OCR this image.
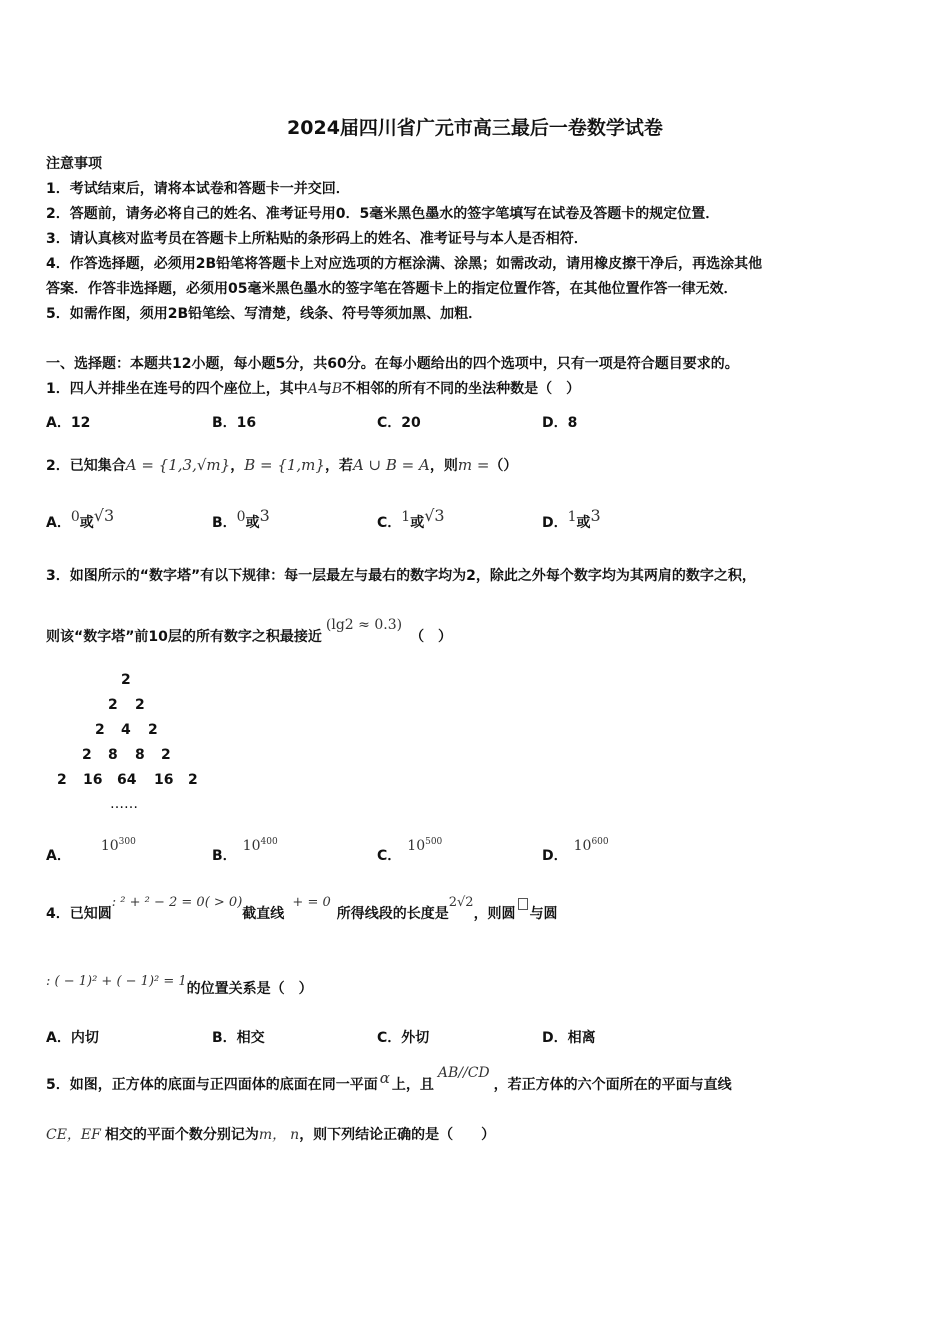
2024届四川省广元市高三最后一卷数学试卷
注意事项
1．考试结束后，请将本试卷和答题卡一并交回．
2．答题前，请务必将自己的姓名、准考证号用0．5毫米黑色墨水的签字笔填写在试卷及答题卡的规定位置．
3．请认真核对监考员在答题卡上所粘贴的条形码上的姓名、准考证号与本人是否相符．
4．作答选择题，必须用2B铅笔将答题卡上对应选项的方框涂满、涂黑；如需改动，请用橡皮擦干净后，再选涂其他
答案．作答非选择题，必须用05毫米黑色墨水的签字笔在答题卡上的指定位置作答，在其他位置作答一律无效．
5．如需作图，须用2B铅笔绘、写清楚，线条、符号等须加黑、加粗．
一、选择题：本题共12小题，每小题5分，共60分。在每小题给出的四个选项中，只有一项是符合题目要求的。
1．四人并排坐在连号的四个座位上，其中A与B不相邻的所有不同的坐法种数是（　）
A．12	B．16	C．20	D．8
2．已知集合A = {1,3,√m}，B = {1,m}，若A ∪ B = A，则m =（）
A．0或√3	B．0或3	C．1或√3	D．1或3
3．如图所示的“数字塔”有以下规律：每一层最左与最右的数字均为2，除此之外每个数字均为其两肩的数字之积，
则该“数字塔”前10层的所有数字之积最接近(lg2 ≈ 0.3)（　）
2
2 2
2 4 2
2 8 8 2
2 16 64 16 2
……
A．$10^{300}$
B．$10^{400}$
C．$10^{500}$
D．$10^{600}$
4．已知圆: ² + ² − 2 = 0( > 0)截直线 + = 0所得线段的长度是2√2，则圆 与圆
: ( − 1)² + ( − 1)² = 1的位置关系是（　）
A．内切	B．相交	C．外切	D．相离
5．如图，正方体的底面与正四面体的底面在同一平面 α 上，且AB//CD，若正方体的六个面所在的平面与直线
CE，EF 相交的平面个数分别记为m， n，则下列结论正确的是（　　）
